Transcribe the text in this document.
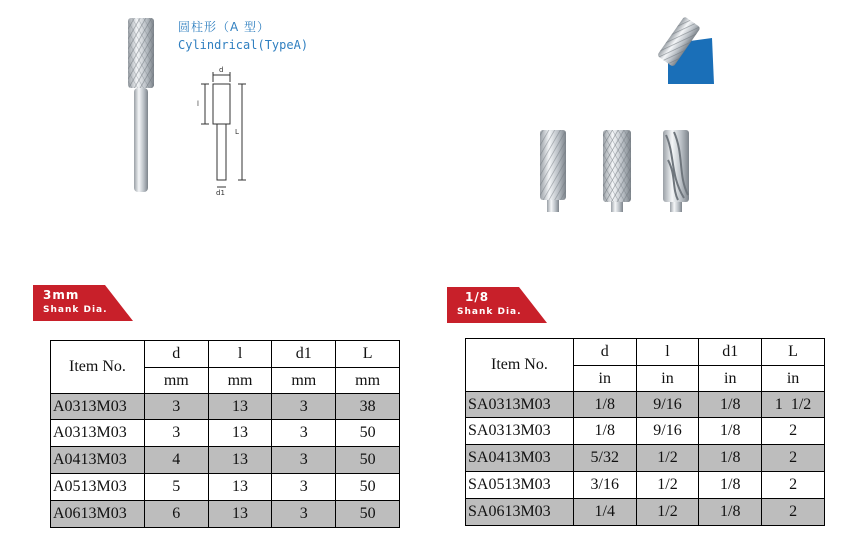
圆柱形（A 型）
Cylindrical(TypeA)
d
l
L
d1
3mm
Shank Dia.
1/8
Shank Dia.
Item No.	d	l	d1	L
	mm	mm	mm	mm
A0313M03	3	13	3	38
A0313M03	3	13	3	50
A0413M03	4	13	3	50
A0513M03	5	13	3	50
A0613M03	6	13	3	50
Item No.	d	l	d1	L
	in	in	in	in
SA0313M03	1/8	9/16	1/8	1  1/2
SA0313M03	1/8	9/16	1/8	2
SA0413M03	5/32	1/2	1/8	2
SA0513M03	3/16	1/2	1/8	2
SA0613M03	1/4	1/2	1/8	2
